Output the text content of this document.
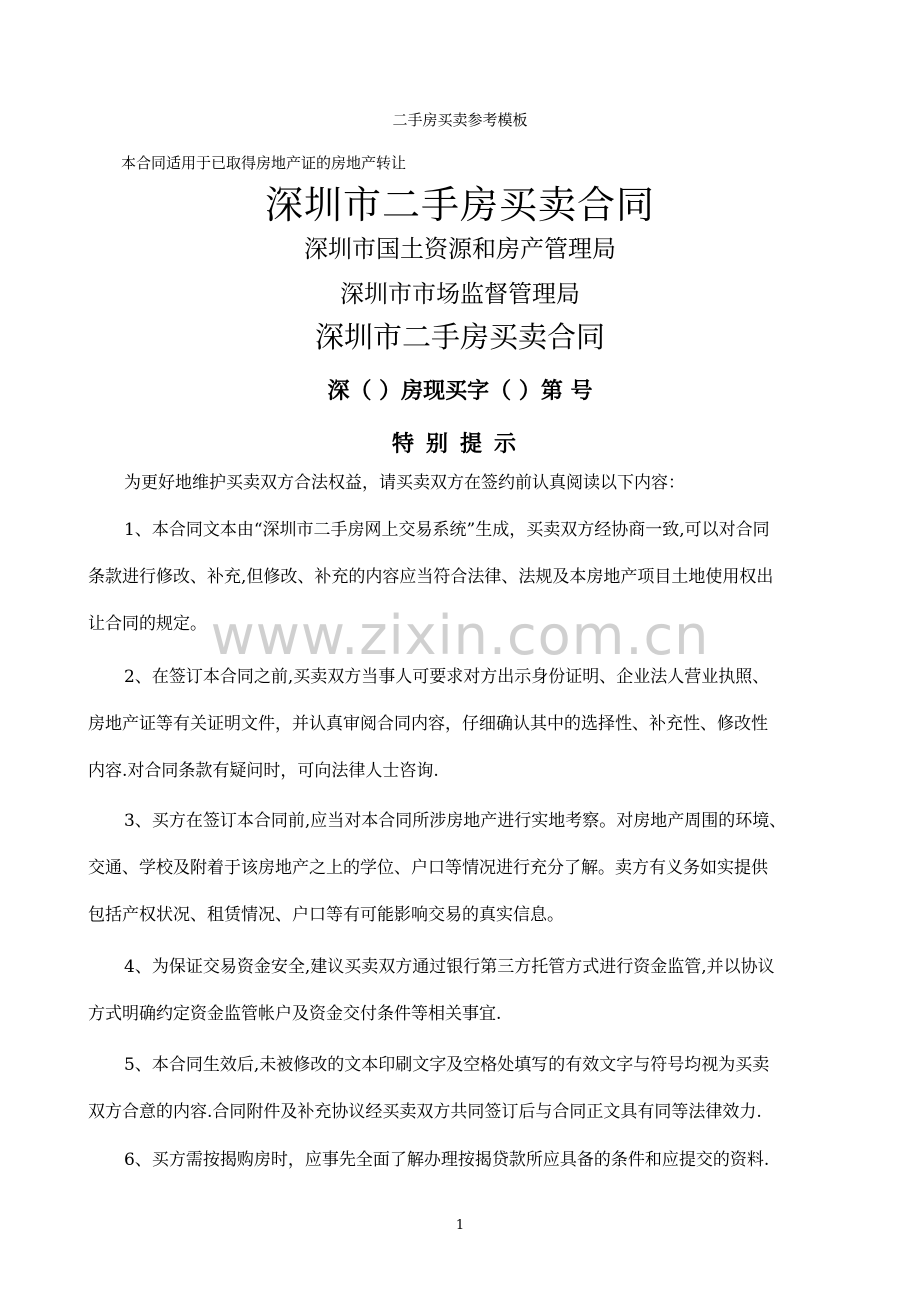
二手房买卖参考模板
本合同适用于已取得房地产证的房地产转让
深圳市二手房买卖合同
深圳市国土资源和房产管理局
深圳市市场监督管理局
深圳市二手房买卖合同
深（ ）房现买字（ ）第 号
特别提示
为更好地维护买卖双方合法权益，请买卖双方在签约前认真阅读以下内容：
www.zixin.com.cn
1、本合同文本由“深圳市二手房网上交易系统”生成，买卖双方经协商一致,可以对合同
条款进行修改、补充,但修改、补充的内容应当符合法律、法规及本房地产项目土地使用权出
让合同的规定。
2、在签订本合同之前,买卖双方当事人可要求对方出示身份证明、企业法人营业执照、
房地产证等有关证明文件，并认真审阅合同内容，仔细确认其中的选择性、补充性、修改性
内容.对合同条款有疑问时，可向法律人士咨询.
3、买方在签订本合同前,应当对本合同所涉房地产进行实地考察。对房地产周围的环境、
交通、学校及附着于该房地产之上的学位、户口等情况进行充分了解。卖方有义务如实提供
包括产权状况、租赁情况、户口等有可能影响交易的真实信息。
4、为保证交易资金安全,建议买卖双方通过银行第三方托管方式进行资金监管,并以协议
方式明确约定资金监管帐户及资金交付条件等相关事宜.
5、本合同生效后,未被修改的文本印刷文字及空格处填写的有效文字与符号均视为买卖
双方合意的内容.合同附件及补充协议经买卖双方共同签订后与合同正文具有同等法律效力.
6、买方需按揭购房时，应事先全面了解办理按揭贷款所应具备的条件和应提交的资料.
1
